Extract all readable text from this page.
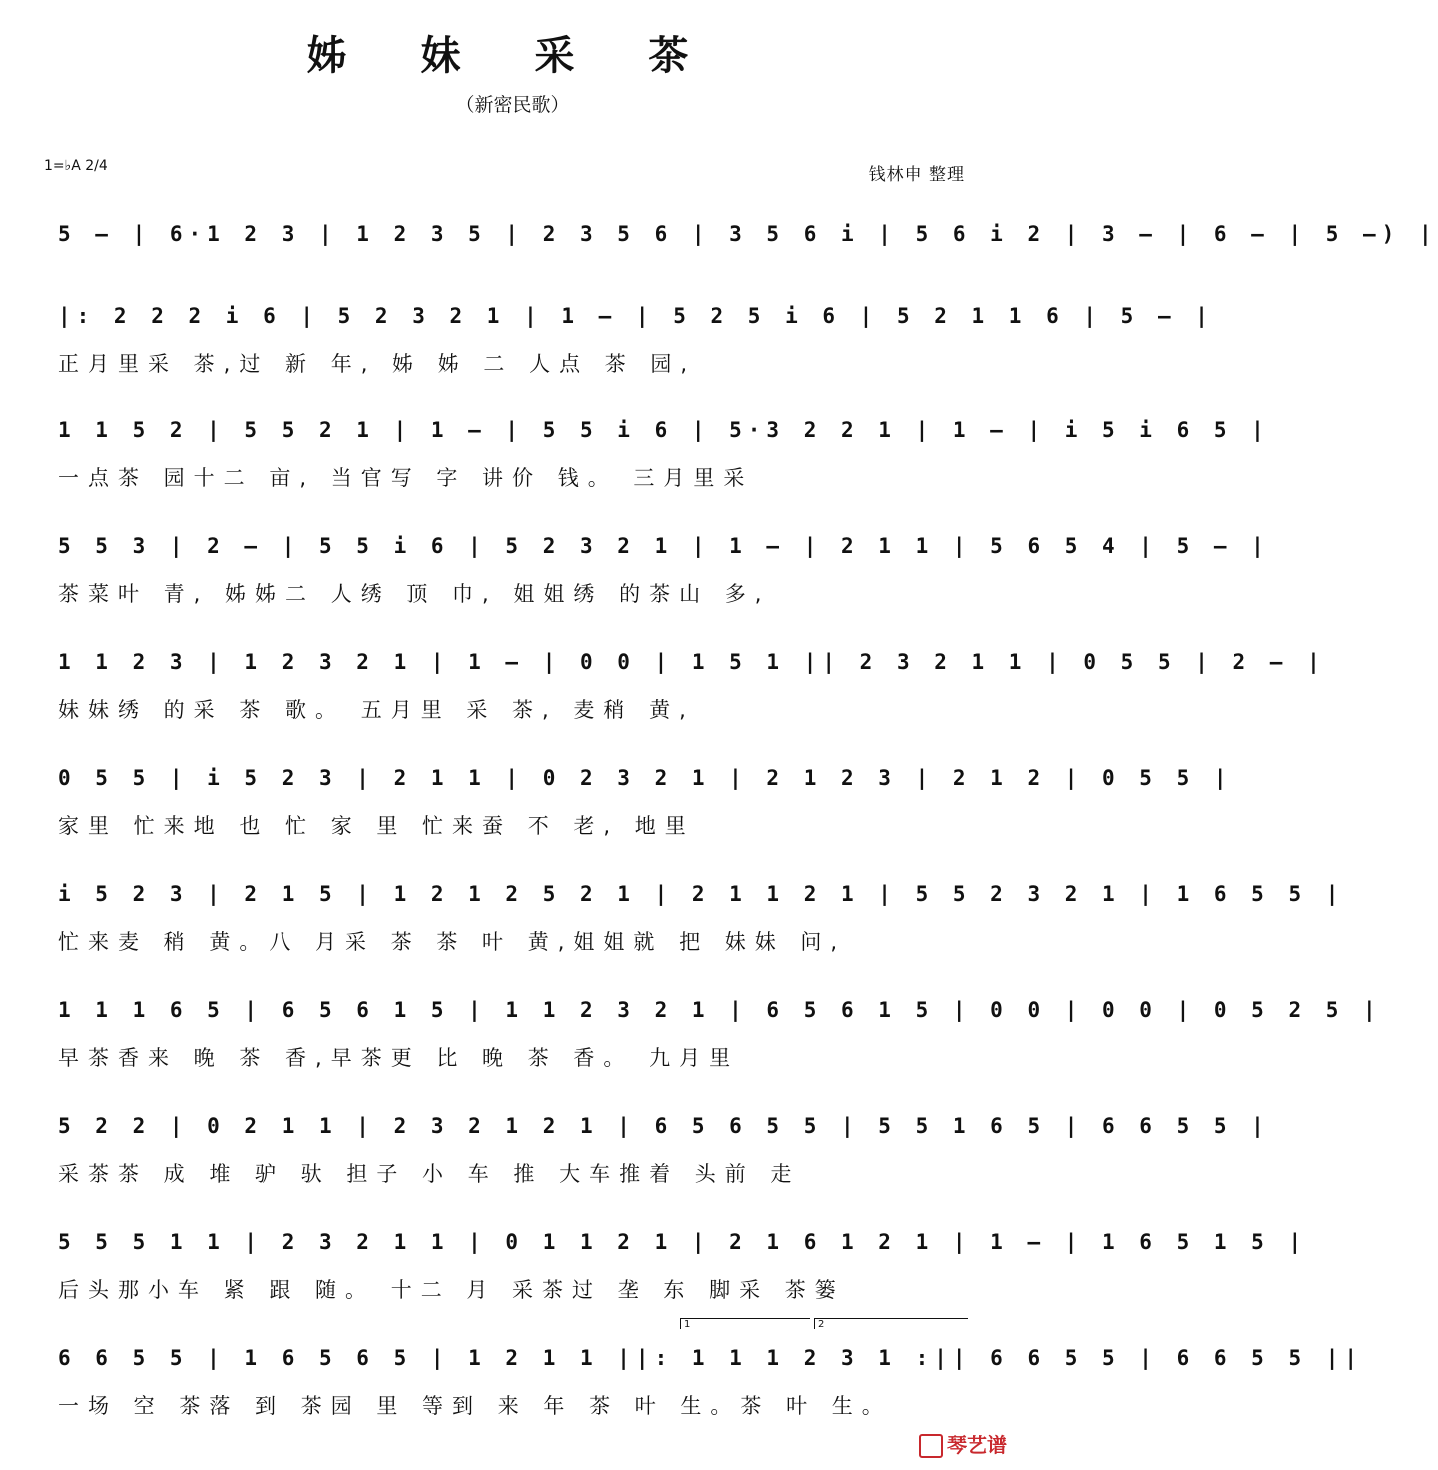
姊 妹 采 茶
（新密民歌）
1=♭A 2/4	钱林申 整理
5 – | 6·1 2 3 | 1 2 3 5 | 2 3 5 6 | 3 5 6 i | 5 6 i 2 | 3 – | 6 – | 5 –) |
|: 2 2 2 i 6 | 5 2 3 2 1 | 1 – | 5 2 5 i 6 | 5 2 1 1 6 | 5 – |
正月里采 茶,过 新 年, 姊 姊 二 人点 茶 园,
1 1 5 2 | 5 5 2 1 | 1 – | 5 5 i 6 | 5·3 2 2 1 | 1 – | i 5 i 6 5 |
一点茶 园十二 亩, 当官写 字 讲价 钱。 三月里采
5 5 3 | 2 – | 5 5 i 6 | 5 2 3 2 1 | 1 – | 2 1 1 | 5 6 5 4 | 5 – |
茶菜叶 青, 姊姊二 人绣 顶 巾, 姐姐绣 的茶山 多,
1 1 2 3 | 1 2 3 2 1 | 1 – | 0 0 | 1 5 1 || 2 3 2 1 1 | 0 5 5 | 2 – |
妹妹绣 的采 茶 歌。 五月里 采 茶, 麦稍 黄,
0 5 5 | i 5 2 3 | 2 1 1 | 0 2 3 2 1 | 2 1 2 3 | 2 1 2 | 0 5 5 |
家里 忙来地 也 忙 家 里 忙来蚕 不 老, 地里
i 5 2 3 | 2 1 5 | 1 2 1 2 5 2 1 | 2 1 1 2 1 | 5 5 2 3 2 1 | 1 6 5 5 |
忙来麦 稍 黄。八 月采 茶 茶 叶 黄,姐姐就 把 妹妹 问,
1 1 1 6 5 | 6 5 6 1 5 | 1 1 2 3 2 1 | 6 5 6 1 5 | 0 0 | 0 0 | 0 5 2 5 |
早茶香来 晚 茶 香,早茶更 比 晚 茶 香。 九月里
5 2 2 | 0 2 1 1 | 2 3 2 1 2 1 | 6 5 6 5 5 | 5 5 1 6 5 | 6 6 5 5 |
采茶茶 成 堆 驴 驮 担子 小 车 推 大车推着 头前 走
5 5 5 1 1 | 2 3 2 1 1 | 0 1 1 2 1 | 2 1 6 1 2 1 | 1 – | 1 6 5 1 5 |
后头那小车 紧 跟 随。 十二 月 采茶过 垄 东 脚采 茶篓
1	2
6 6 5 5 | 1 6 5 6 5 | 1 2 1 1 ||: 1 1 1 2 3 1 :|| 6 6 5 5 | 6 6 5 5 ||
一场 空 茶落 到 茶园 里 等到 来 年 茶 叶 生。茶 叶 生。
琴艺谱
